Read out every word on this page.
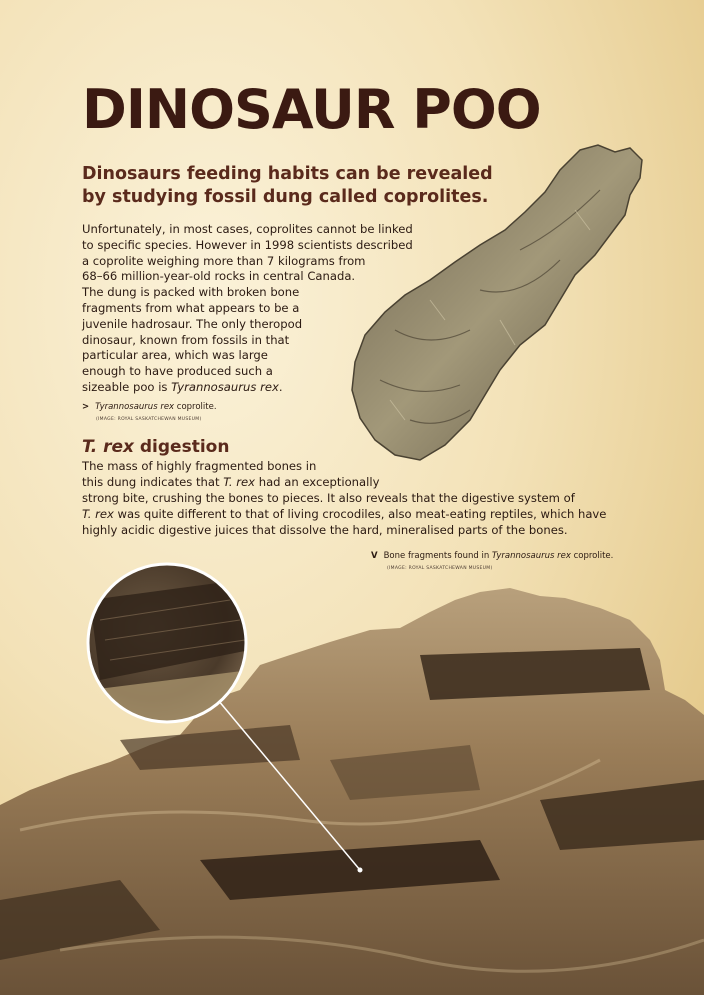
DINOSAUR POO
Dinosaurs feeding habits can be revealed by studying fossil dung called coprolites.
Unfortunately, in most cases, coprolites cannot be linked
to specific species. However in 1998 scientists described
a coprolite weighing more than 7 kilograms from
68–66 million-year-old rocks in central Canada.
The dung is packed with broken bone
fragments from what appears to be a
juvenile hadrosaur. The only theropod
dinosaur, known from fossils in that
particular area, which was large
enough to have produced such a
sizeable poo is Tyrannosaurus rex.
> Tyrannosaurus rex coprolite.
(IMAGE: ROYAL SASKATCHEWAN MUSEUM)
T. rex digestion
The mass of highly fragmented bones in
this dung indicates that T. rex had an exceptionally
strong bite, crushing the bones to pieces. It also reveals that the digestive system of
T. rex was quite different to that of living crocodiles, also meat-eating reptiles, which have
highly acidic digestive juices that dissolve the hard, mineralised parts of the bones.
V Bone fragments found in Tyrannosaurus rex coprolite.
(IMAGE: ROYAL SASKATCHEWAN MUSEUM)
